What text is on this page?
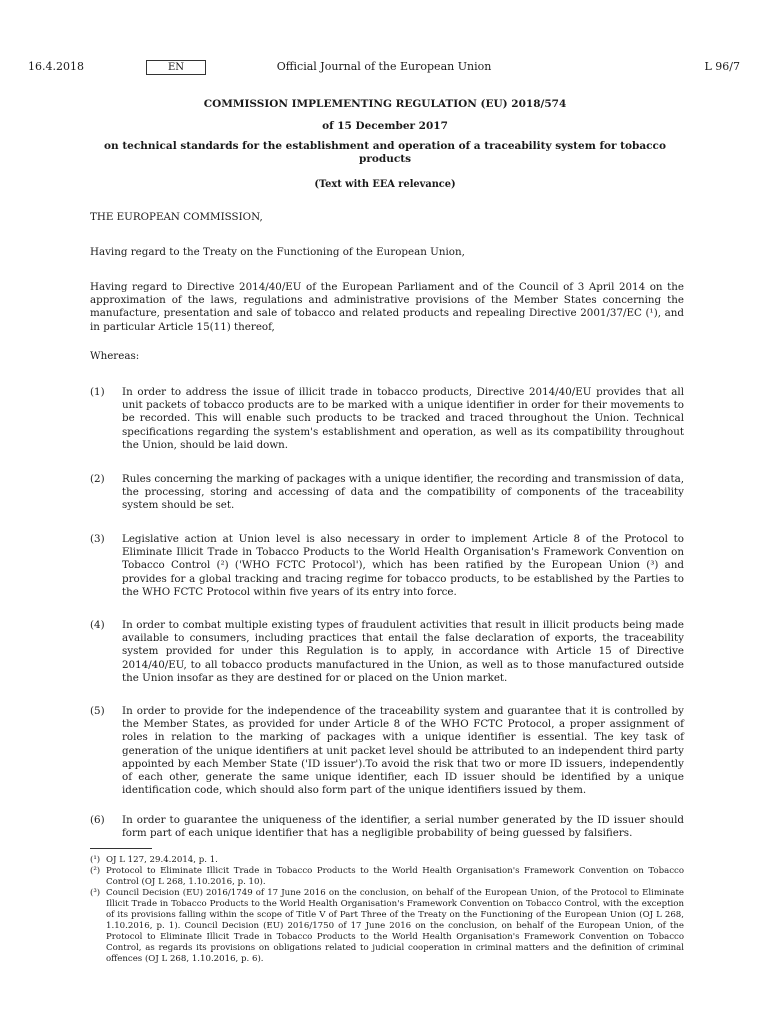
16.4.2018	Official Journal of the European Union
EN	L 96/7
COMMISSION IMPLEMENTING REGULATION (EU) 2018/574
of 15 December 2017
on technical standards for the establishment and operation of a traceability system for tobacco products
(Text with EEA relevance)
THE EUROPEAN COMMISSION,
Having regard to the Treaty on the Functioning of the European Union,
Having regard to Directive 2014/40/EU of the European Parliament and of the Council of 3 April 2014 on the approximation of the laws, regulations and administrative provisions of the Member States concerning the manufacture, presentation and sale of tobacco and related products and repealing Directive 2001/37/EC (¹), and in particular Article 15(11) thereof,
Whereas:
(1) In order to address the issue of illicit trade in tobacco products, Directive 2014/40/EU provides that all unit packets of tobacco products are to be marked with a unique identifier in order for their movements to be recorded. This will enable such products to be tracked and traced throughout the Union. Technical specifications regarding the system's establishment and operation, as well as its compatibility throughout the Union, should be laid down.
(2) Rules concerning the marking of packages with a unique identifier, the recording and transmission of data, the processing, storing and accessing of data and the compatibility of components of the traceability system should be set.
(3) Legislative action at Union level is also necessary in order to implement Article 8 of the Protocol to Eliminate Illicit Trade in Tobacco Products to the World Health Organisation's Framework Convention on Tobacco Control (²) ('WHO FCTC Protocol'), which has been ratified by the European Union (³) and provides for a global tracking and tracing regime for tobacco products, to be established by the Parties to the WHO FCTC Protocol within five years of its entry into force.
(4) In order to combat multiple existing types of fraudulent activities that result in illicit products being made available to consumers, including practices that entail the false declaration of exports, the traceability system provided for under this Regulation is to apply, in accordance with Article 15 of Directive 2014/40/EU, to all tobacco products manufactured in the Union, as well as to those manufactured outside the Union insofar as they are destined for or placed on the Union market.
(5) In order to provide for the independence of the traceability system and guarantee that it is controlled by the Member States, as provided for under Article 8 of the WHO FCTC Protocol, a proper assignment of roles in relation to the marking of packages with a unique identifier is essential. The key task of generation of the unique identifiers at unit packet level should be attributed to an independent third party appointed by each Member State ('ID issuer').To avoid the risk that two or more ID issuers, independently of each other, generate the same unique identifier, each ID issuer should be identified by a unique identification code, which should also form part of the unique identifiers issued by them.
(6) In order to guarantee the uniqueness of the identifier, a serial number generated by the ID issuer should form part of each unique identifier that has a negligible probability of being guessed by falsifiers.
(¹) OJ L 127, 29.4.2014, p. 1.
(²) Protocol to Eliminate Illicit Trade in Tobacco Products to the World Health Organisation's Framework Convention on Tobacco Control (OJ L 268, 1.10.2016, p. 10).
(³) Council Decision (EU) 2016/1749 of 17 June 2016 on the conclusion, on behalf of the European Union, of the Protocol to Eliminate Illicit Trade in Tobacco Products to the World Health Organisation's Framework Convention on Tobacco Control, with the exception of its provisions falling within the scope of Title V of Part Three of the Treaty on the Functioning of the European Union (OJ L 268, 1.10.2016, p. 1). Council Decision (EU) 2016/1750 of 17 June 2016 on the conclusion, on behalf of the European Union, of the Protocol to Eliminate Illicit Trade in Tobacco Products to the World Health Organisation's Framework Convention on Tobacco Control, as regards its provisions on obligations related to judicial cooperation in criminal matters and the definition of criminal offences (OJ L 268, 1.10.2016, p. 6).
